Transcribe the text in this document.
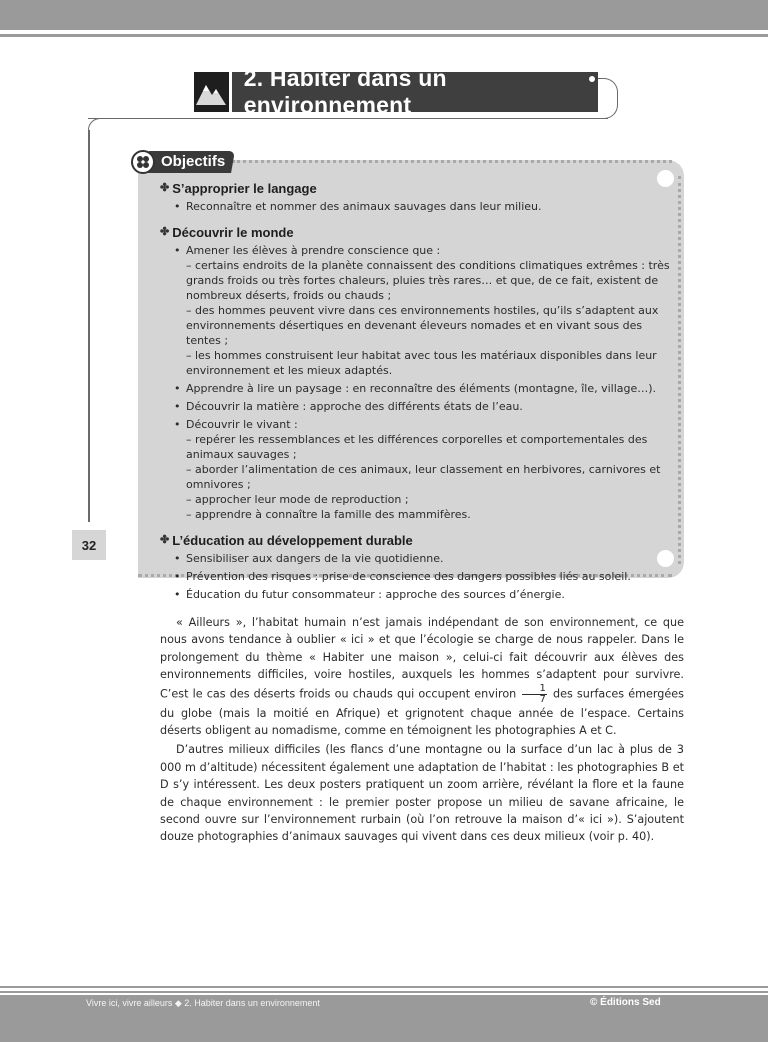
2. Habiter dans un environnement
32
Objectifs
✤ S’approprier le langage
• Reconnaître et nommer des animaux sauvages dans leur milieu.
✤ Découvrir le monde
• Amener les élèves à prendre conscience que :
– certains endroits de la planète connaissent des conditions climatiques extrêmes : très grands froids ou très fortes chaleurs, pluies très rares… et que, de ce fait, existent de nombreux déserts, froids ou chauds ;
– des hommes peuvent vivre dans ces environnements hostiles, qu’ils s’adaptent aux environnements désertiques en devenant éleveurs nomades et en vivant sous des tentes ;
– les hommes construisent leur habitat avec tous les matériaux disponibles dans leur environnement et les mieux adaptés.
• Apprendre à lire un paysage : en reconnaître des éléments (montagne, île, village…).
• Découvrir la matière : approche des différents états de l’eau.
• Découvrir le vivant :
– repérer les ressemblances et les différences corporelles et comportementales des animaux sauvages ;
– aborder l’alimentation de ces animaux, leur classement en herbivores, carnivores et omnivores ;
– approcher leur mode de reproduction ;
– apprendre à connaître la famille des mammifères.
✤ L’éducation au développement durable
• Sensibiliser aux dangers de la vie quotidienne.
• Prévention des risques : prise de conscience des dangers possibles liés au soleil.
• Éducation du futur consommateur : approche des sources d’énergie.

« Ailleurs », l’habitat humain n’est jamais indépendant de son environnement, ce que nous avons tendance à oublier « ici » et que l’écologie se charge de nous rappeler. Dans le prolongement du thème « Habiter une maison », celui-ci fait découvrir aux élèves des environnements difficiles, voire hostiles, auxquels les hommes s’adaptent pour survivre. C’est le cas des déserts froids ou chauds qui occupent environ $\frac{1}{7}$ des surfaces émergées du globe (mais la moitié en Afrique) et grignotent chaque année de l’espace. Certains déserts obligent au nomadisme, comme en témoignent les photographies A et C.

D’autres milieux difficiles (les flancs d’une montagne ou la surface d’un lac à plus de 3 000 m d’altitude) nécessitent également une adaptation de l’habitat : les photographies B et D s’y intéressent. Les deux posters pratiquent un zoom arrière, révélant la flore et la faune de chaque environnement : le premier poster propose un milieu de savane africaine, le second ouvre sur l’environnement rurbain (où l’on retrouve la maison d’« ici »). S’ajoutent douze photographies d’animaux sauvages qui vivent dans ces deux milieux (voir p. 40).

Vivre ici, vivre ailleurs ◆ 2. Habiter dans un environnement	© Éditions Sed
